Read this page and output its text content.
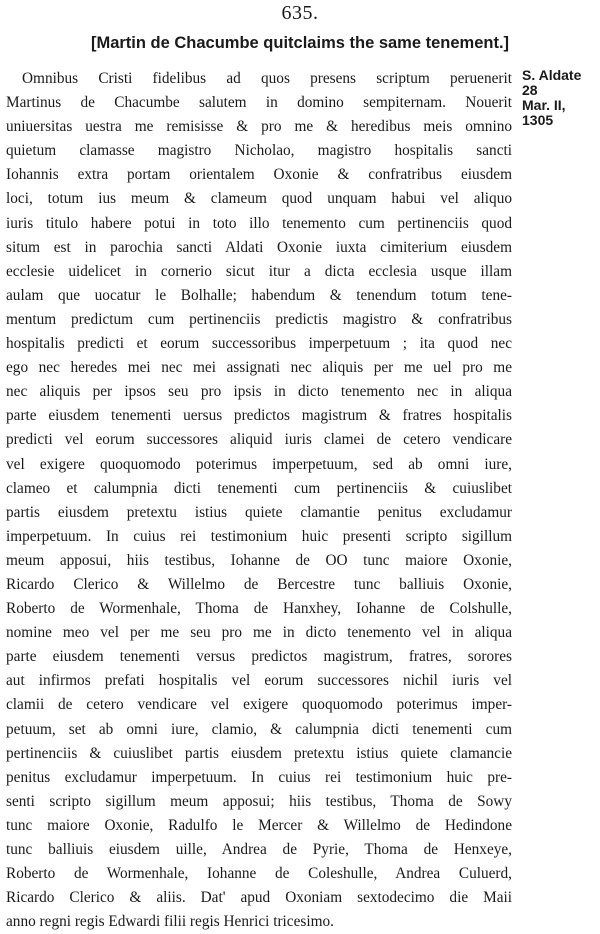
635.
[Martin de Chacumbe quitclaims the same tenement.]
S. Aldate
28
Mar. II,
1305
Omnibus Cristi fidelibus ad quos presens scriptum peruenerit
Martinus de Chacumbe salutem in domino sempiternam. Nouerit
uniuersitas uestra me remisisse & pro me & heredibus meis omnino
quietum clamasse magistro Nicholao, magistro hospitalis sancti
Iohannis extra portam orientalem Oxonie & confratribus eiusdem
loci, totum ius meum & clameum quod unquam habui vel aliquo
iuris titulo habere potui in toto illo tenemento cum pertinenciis quod
situm est in parochia sancti Aldati Oxonie iuxta cimiterium eiusdem
ecclesie uidelicet in cornerio sicut itur a dicta ecclesia usque illam
aulam que uocatur le Bolhalle; habendum & tenendum totum tene-
mentum predictum cum pertinenciis predictis magistro & confratribus
hospitalis predicti et eorum successoribus imperpetuum ; ita quod nec
ego nec heredes mei nec mei assignati nec aliquis per me uel pro me
nec aliquis per ipsos seu pro ipsis in dicto tenemento nec in aliqua
parte eiusdem tenementi uersus predictos magistrum & fratres hospitalis
predicti vel eorum successores aliquid iuris clamei de cetero vendicare
vel exigere quoquomodo poterimus imperpetuum, sed ab omni iure,
clameo et calumpnia dicti tenementi cum pertinenciis & cuiuslibet
partis eiusdem pretextu istius quiete clamantie penitus excludamur
imperpetuum. In cuius rei testimonium huic presenti scripto sigillum
meum apposui, hiis testibus, Iohanne de OO tunc maiore Oxonie,
Ricardo Clerico & Willelmo de Bercestre tunc balliuis Oxonie,
Roberto de Wormenhale, Thoma de Hanxhey, Iohanne de Colshulle,
nomine meo vel per me seu pro me in dicto tenemento vel in aliqua
parte eiusdem tenementi versus predictos magistrum, fratres, sorores
aut infirmos prefati hospitalis vel eorum successores nichil iuris vel
clamii de cetero vendicare vel exigere quoquomodo poterimus imper-
petuum, set ab omni iure, clamio, & calumpnia dicti tenementi cum
pertinenciis & cuiuslibet partis eiusdem pretextu istius quiete clamancie
penitus excludamur imperpetuum. In cuius rei testimonium huic pre-
senti scripto sigillum meum apposui; hiis testibus, Thoma de Sowy
tunc maiore Oxonie, Radulfo le Mercer & Willelmo de Hedindone
tunc balliuis eiusdem uille, Andrea de Pyrie, Thoma de Henxeye,
Roberto de Wormenhale, Iohanne de Coleshulle, Andrea Culuerd,
Ricardo Clerico & aliis. Dat' apud Oxoniam sextodecimo die Maii
anno regni regis Edwardi filii regis Henrici tricesimo.
